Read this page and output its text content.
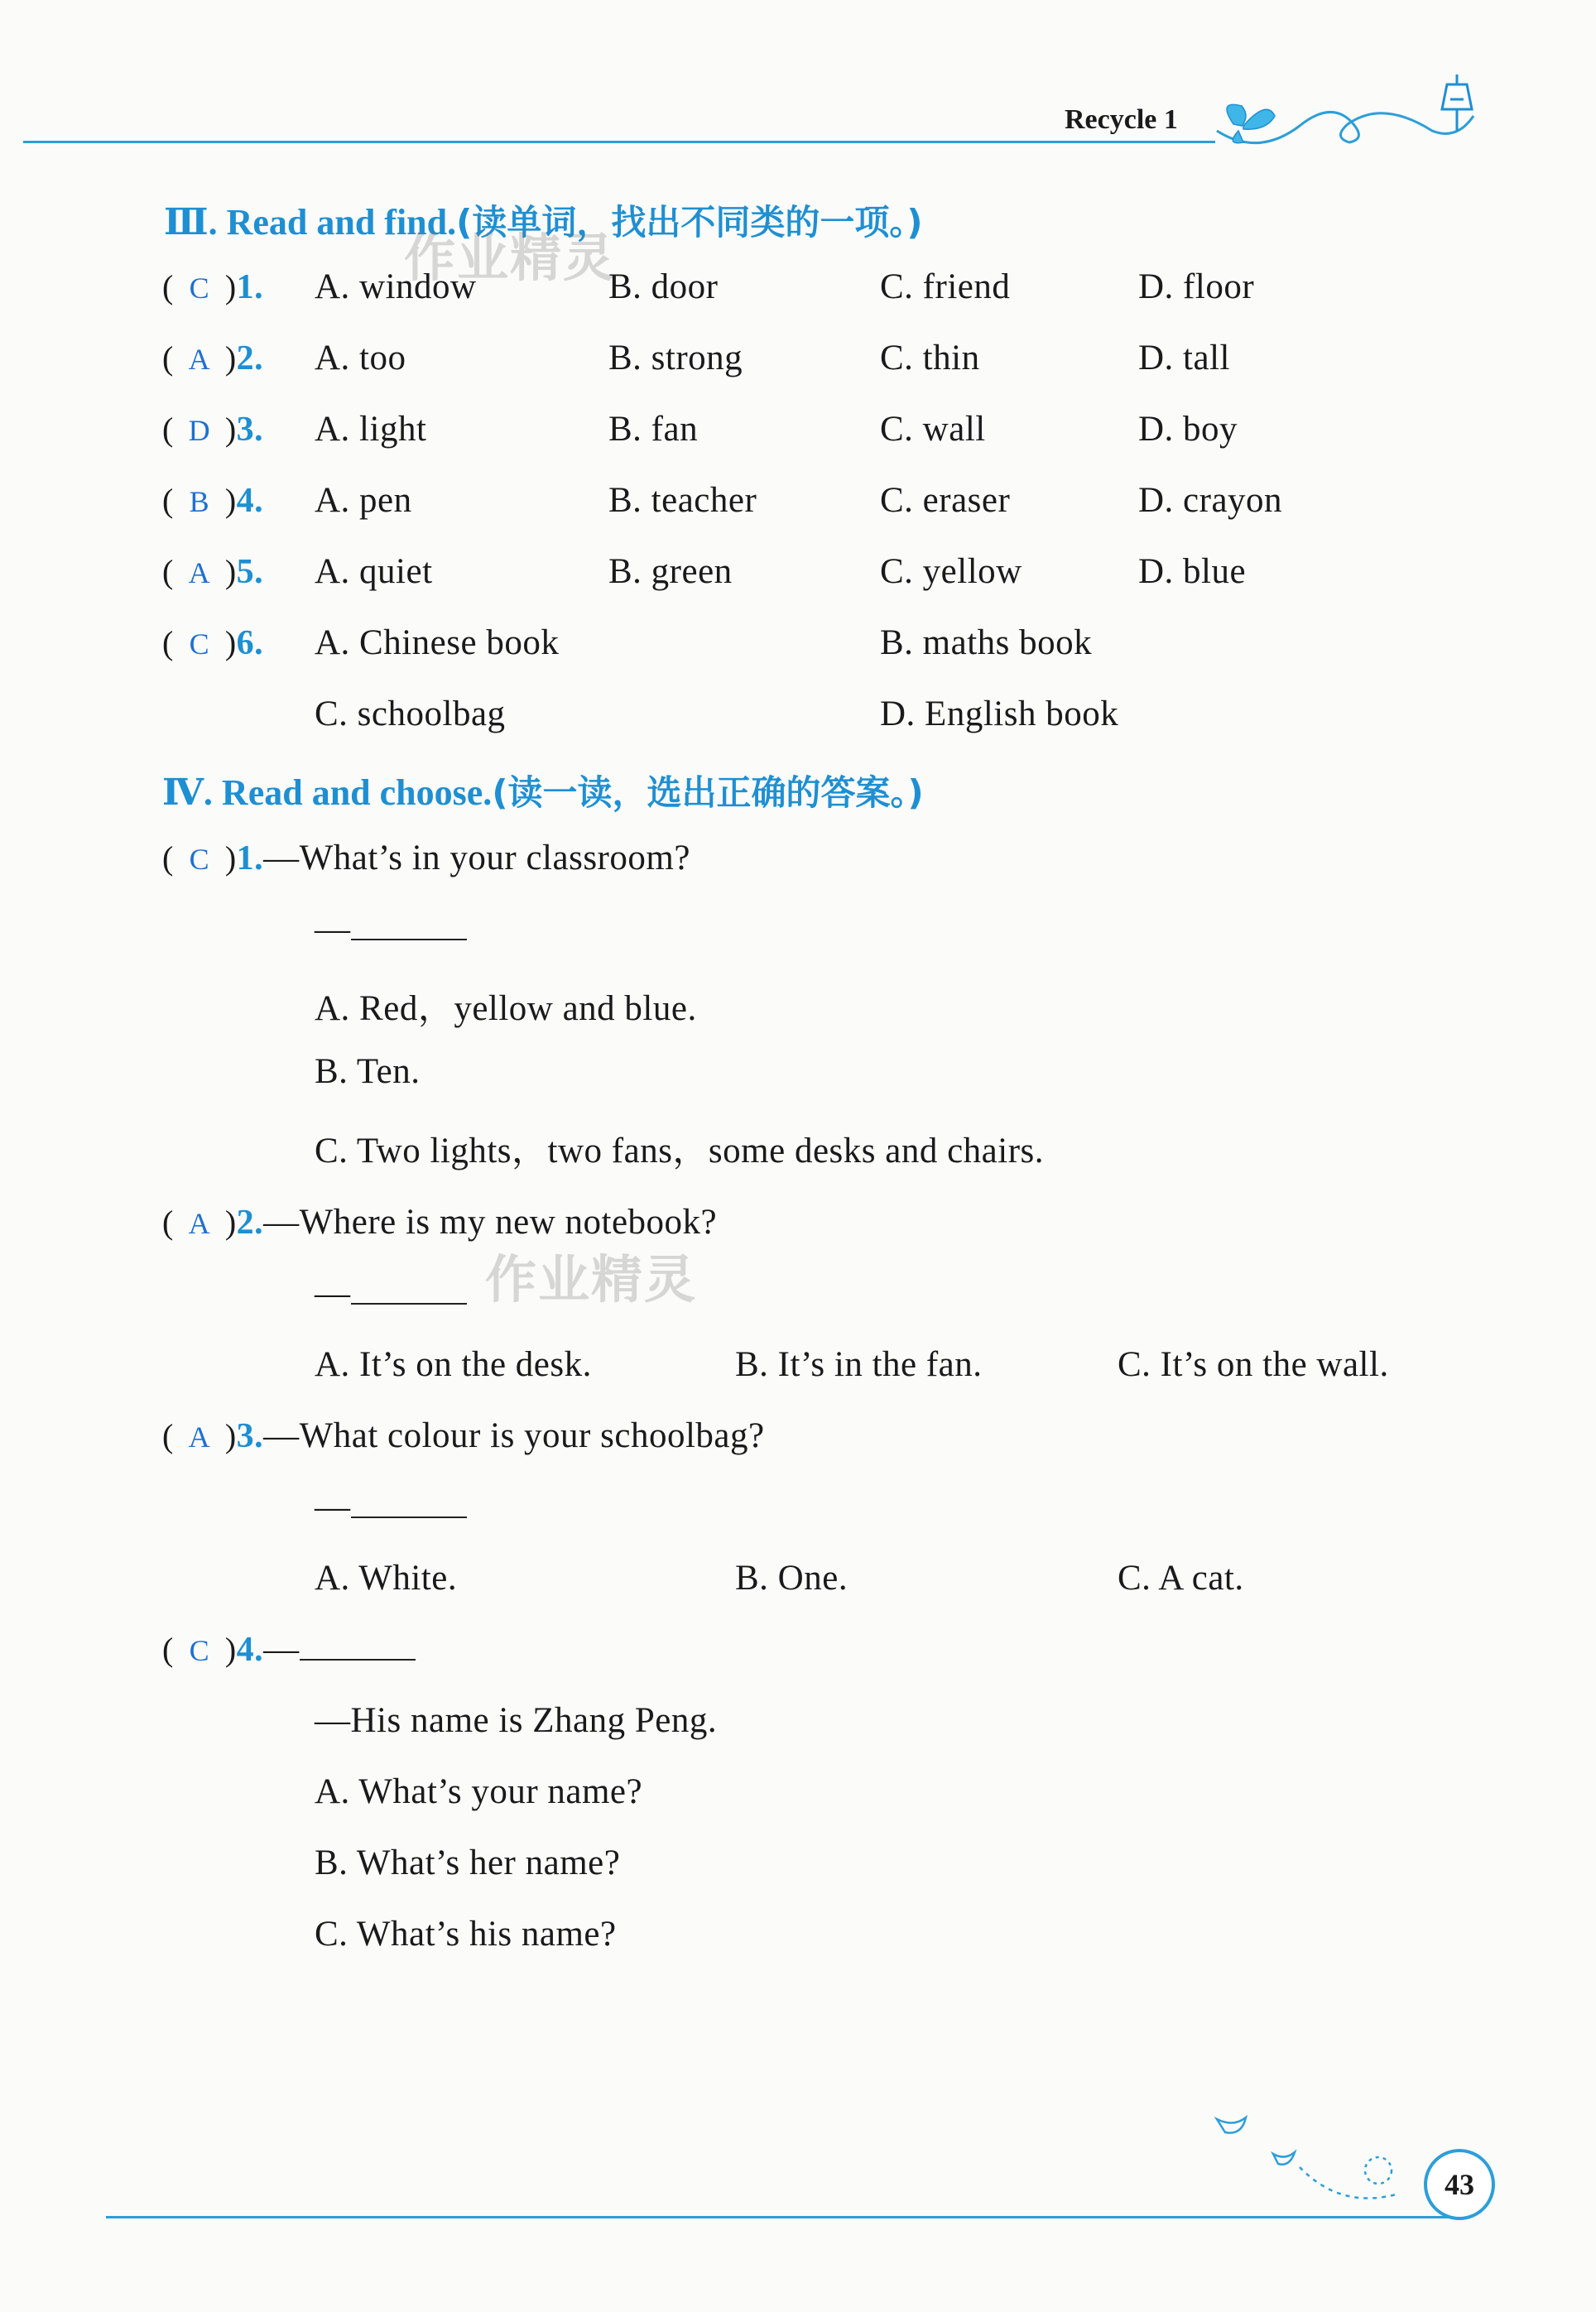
Recycle 1
Ⅲ. Read and find.(读单词，找出不同类的一项。)
作业精灵
( C )1. A. window	B. door	C. friend	D. floor
( A )2. A. too	B. strong	C. thin	D. tall
( D )3. A. light	B. fan	C. wall	D. boy
( B )4. A. pen	B. teacher	C. eraser	D. crayon
( A )5. A. quiet	B. green	C. yellow	D. blue
( C )6. A. Chinese book	B. maths book
C. schoolbag	D. English book
Ⅳ. Read and choose.(读一读，选出正确的答案。)
作业精灵
( C )1.—What’s in your classroom?
—
A. Red，yellow and blue.
B. Ten.
C. Two lights，two fans，some desks and chairs.
( A )2.—Where is my new notebook?
—
A. It’s on the desk.	B. It’s in the fan.	C. It’s on the wall.
( A )3.—What colour is your schoolbag?
—
A. White.	B. One.	C. A cat.
( C )4.—
—His name is Zhang Peng.
A. What’s your name?
B. What’s her name?
C. What’s his name?
43
